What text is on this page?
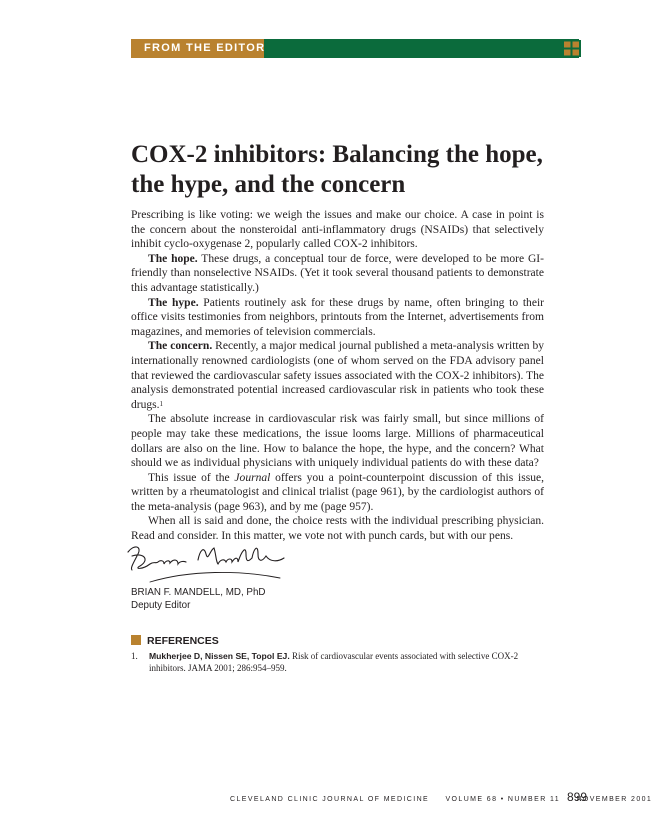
FROM THE EDITOR
COX-2 inhibitors: Balancing the hope,
the hype, and the concern

Prescribing is like voting: we weigh the issues and make our choice. A case in point is the concern about the nonsteroidal anti-inflammatory drugs (NSAIDs) that selectively inhibit cyclo-oxygenase 2, popularly called COX-2 inhibitors.

The hope. These drugs, a conceptual tour de force, were developed to be more GI-friendly than nonselective NSAIDs. (Yet it took several thousand patients to demonstrate this advantage statistically.)

The hype. Patients routinely ask for these drugs by name, often bringing to their office visits testimonies from neighbors, printouts from the Internet, advertisements from magazines, and memories of television commercials.

The concern. Recently, a major medical journal published a meta-analysis written by internationally renowned cardiologists (one of whom served on the FDA advisory panel that reviewed the cardiovascular safety issues associated with the COX-2 inhibitors). The analysis demonstrated potential increased cardiovascular risk in patients who took these drugs.$^1$

The absolute increase in cardiovascular risk was fairly small, but since millions of people may take these medications, the issue looms large. Millions of pharmaceutical dollars are also on the line. How to balance the hope, the hype, and the concern? What should we as individual physicians with uniquely individual patients do with these data?

This issue of the Journal offers you a point-counterpoint discussion of this issue, written by a rheumatologist and clinical trialist (page 961), by the cardiologist authors of the meta-analysis (page 963), and by me (page 957).

When all is said and done, the choice rests with the individual prescribing physician. Read and consider. In this matter, we vote not with punch cards, but with our pens.

BRIAN F. MANDELL, MD, PhD
Deputy Editor
REFERENCES
1. Mukherjee D, Nissen SE, Topol EJ. Risk of cardiovascular events associated with selective COX-2 inhibitors. JAMA 2001; 286:954–959.
CLEVELAND CLINIC JOURNAL OF MEDICINE VOLUME 68 • NUMBER 11 NOVEMBER 2001
899
